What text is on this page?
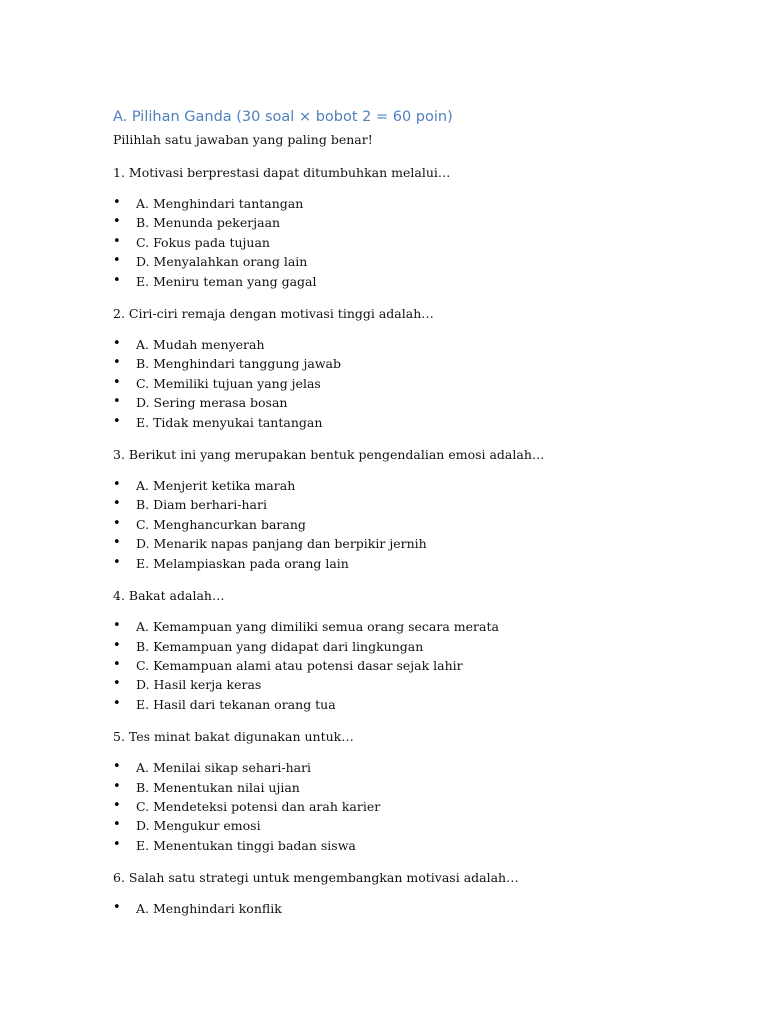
A. Pilihan Ganda (30 soal × bobot 2 = 60 poin)
Pilihlah satu jawaban yang paling benar!
1. Motivasi berprestasi dapat ditumbuhkan melalui…
• A. Menghindari tantangan
• B. Menunda pekerjaan
• C. Fokus pada tujuan
• D. Menyalahkan orang lain
• E. Meniru teman yang gagal
2. Ciri-ciri remaja dengan motivasi tinggi adalah…
• A. Mudah menyerah
• B. Menghindari tanggung jawab
• C. Memiliki tujuan yang jelas
• D. Sering merasa bosan
• E. Tidak menyukai tantangan
3. Berikut ini yang merupakan bentuk pengendalian emosi adalah…
• A. Menjerit ketika marah
• B. Diam berhari-hari
• C. Menghancurkan barang
• D. Menarik napas panjang dan berpikir jernih
• E. Melampiaskan pada orang lain
4. Bakat adalah…
• A. Kemampuan yang dimiliki semua orang secara merata
• B. Kemampuan yang didapat dari lingkungan
• C. Kemampuan alami atau potensi dasar sejak lahir
• D. Hasil kerja keras
• E. Hasil dari tekanan orang tua
5. Tes minat bakat digunakan untuk…
• A. Menilai sikap sehari-hari
• B. Menentukan nilai ujian
• C. Mendeteksi potensi dan arah karier
• D. Mengukur emosi
• E. Menentukan tinggi badan siswa
6. Salah satu strategi untuk mengembangkan motivasi adalah…
• A. Menghindari konflik
